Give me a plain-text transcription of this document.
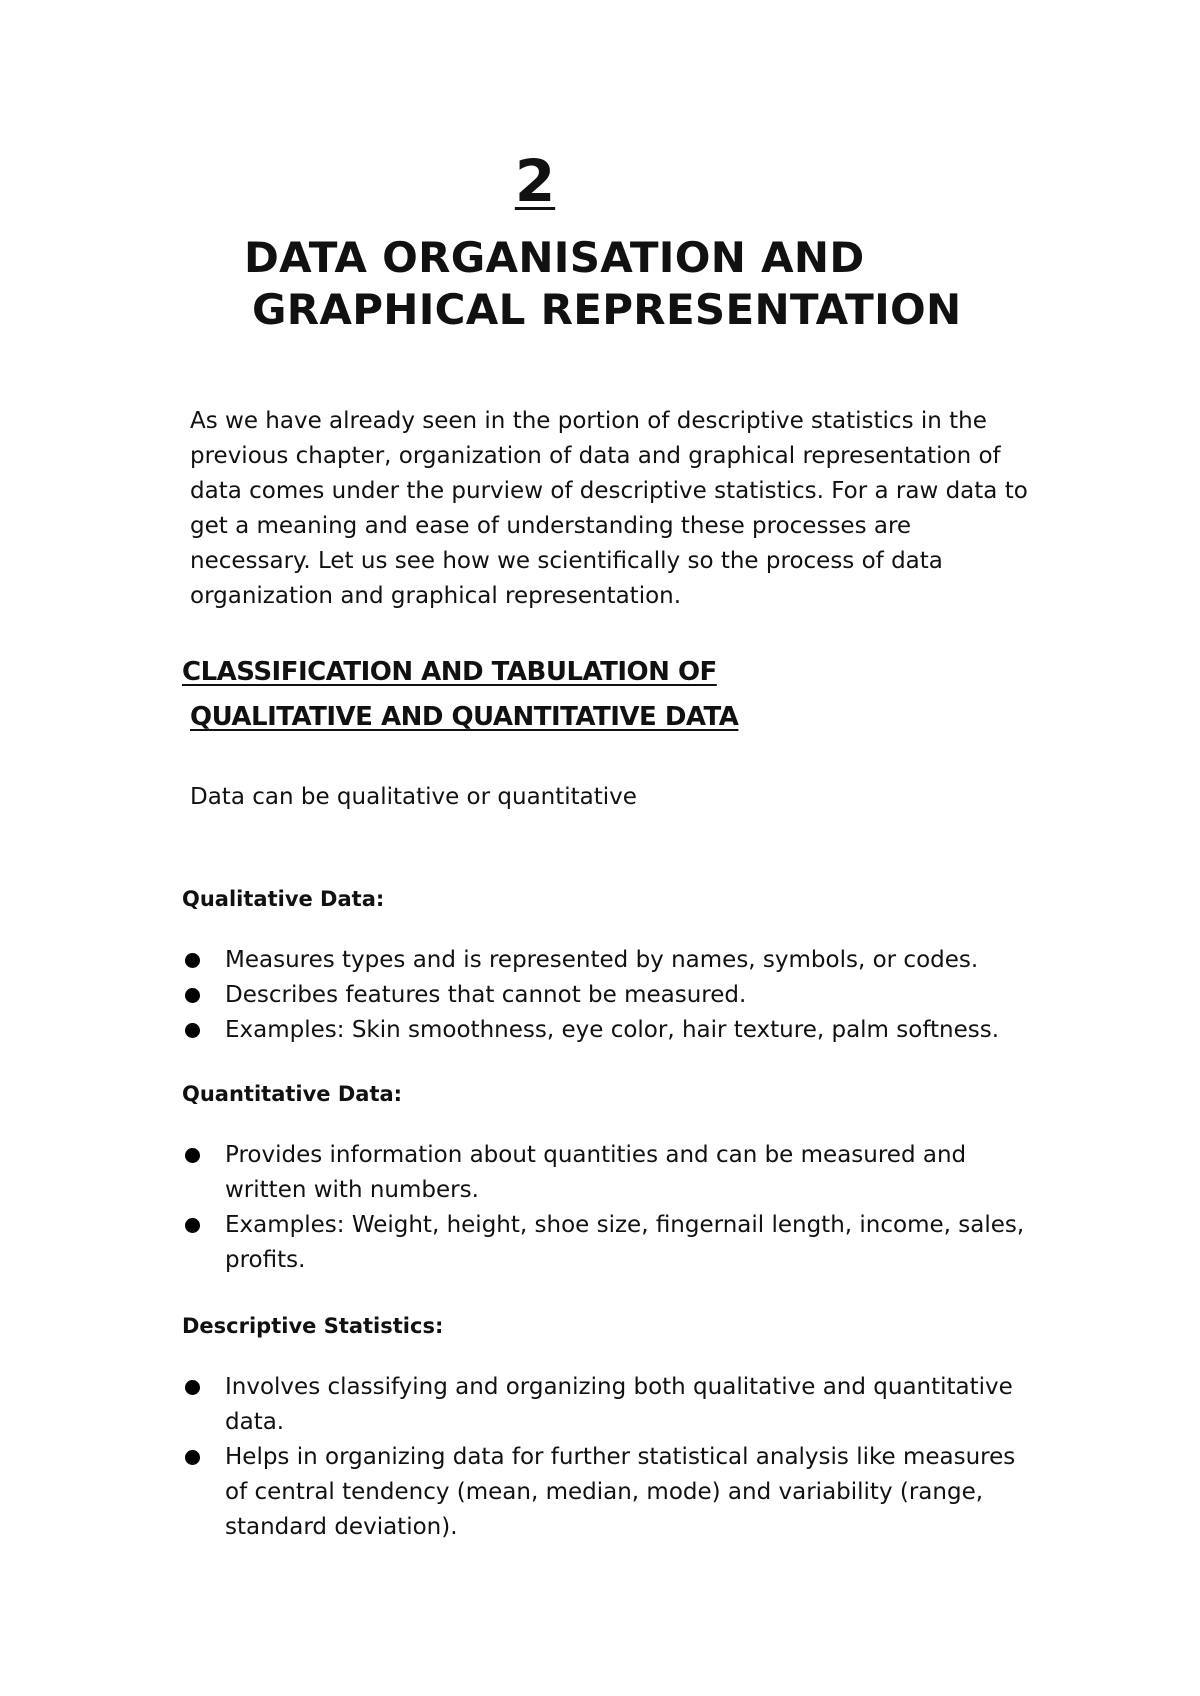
2
DATA ORGANISATION AND
GRAPHICAL REPRESENTATION

As we have already seen in the portion of descriptive statistics in the
previous chapter, organization of data and graphical representation of
data comes under the purview of descriptive statistics. For a raw data to
get a meaning and ease of understanding these processes are
necessary. Let us see how we scientifically so the process of data
organization and graphical representation.

CLASSIFICATION AND TABULATION OF
QUALITATIVE AND QUANTITATIVE DATA

Data can be qualitative or quantitative

Qualitative Data:

Measures types and is represented by names, symbols, or codes.
Describes features that cannot be measured.
Examples: Skin smoothness, eye color, hair texture, palm softness.

Quantitative Data:

Provides information about quantities and can be measured and written with numbers.
Examples: Weight, height, shoe size, fingernail length, income, sales, profits.

Descriptive Statistics:

Involves classifying and organizing both qualitative and quantitative data.
Helps in organizing data for further statistical analysis like measures of central tendency (mean, median, mode) and variability (range, standard deviation).
